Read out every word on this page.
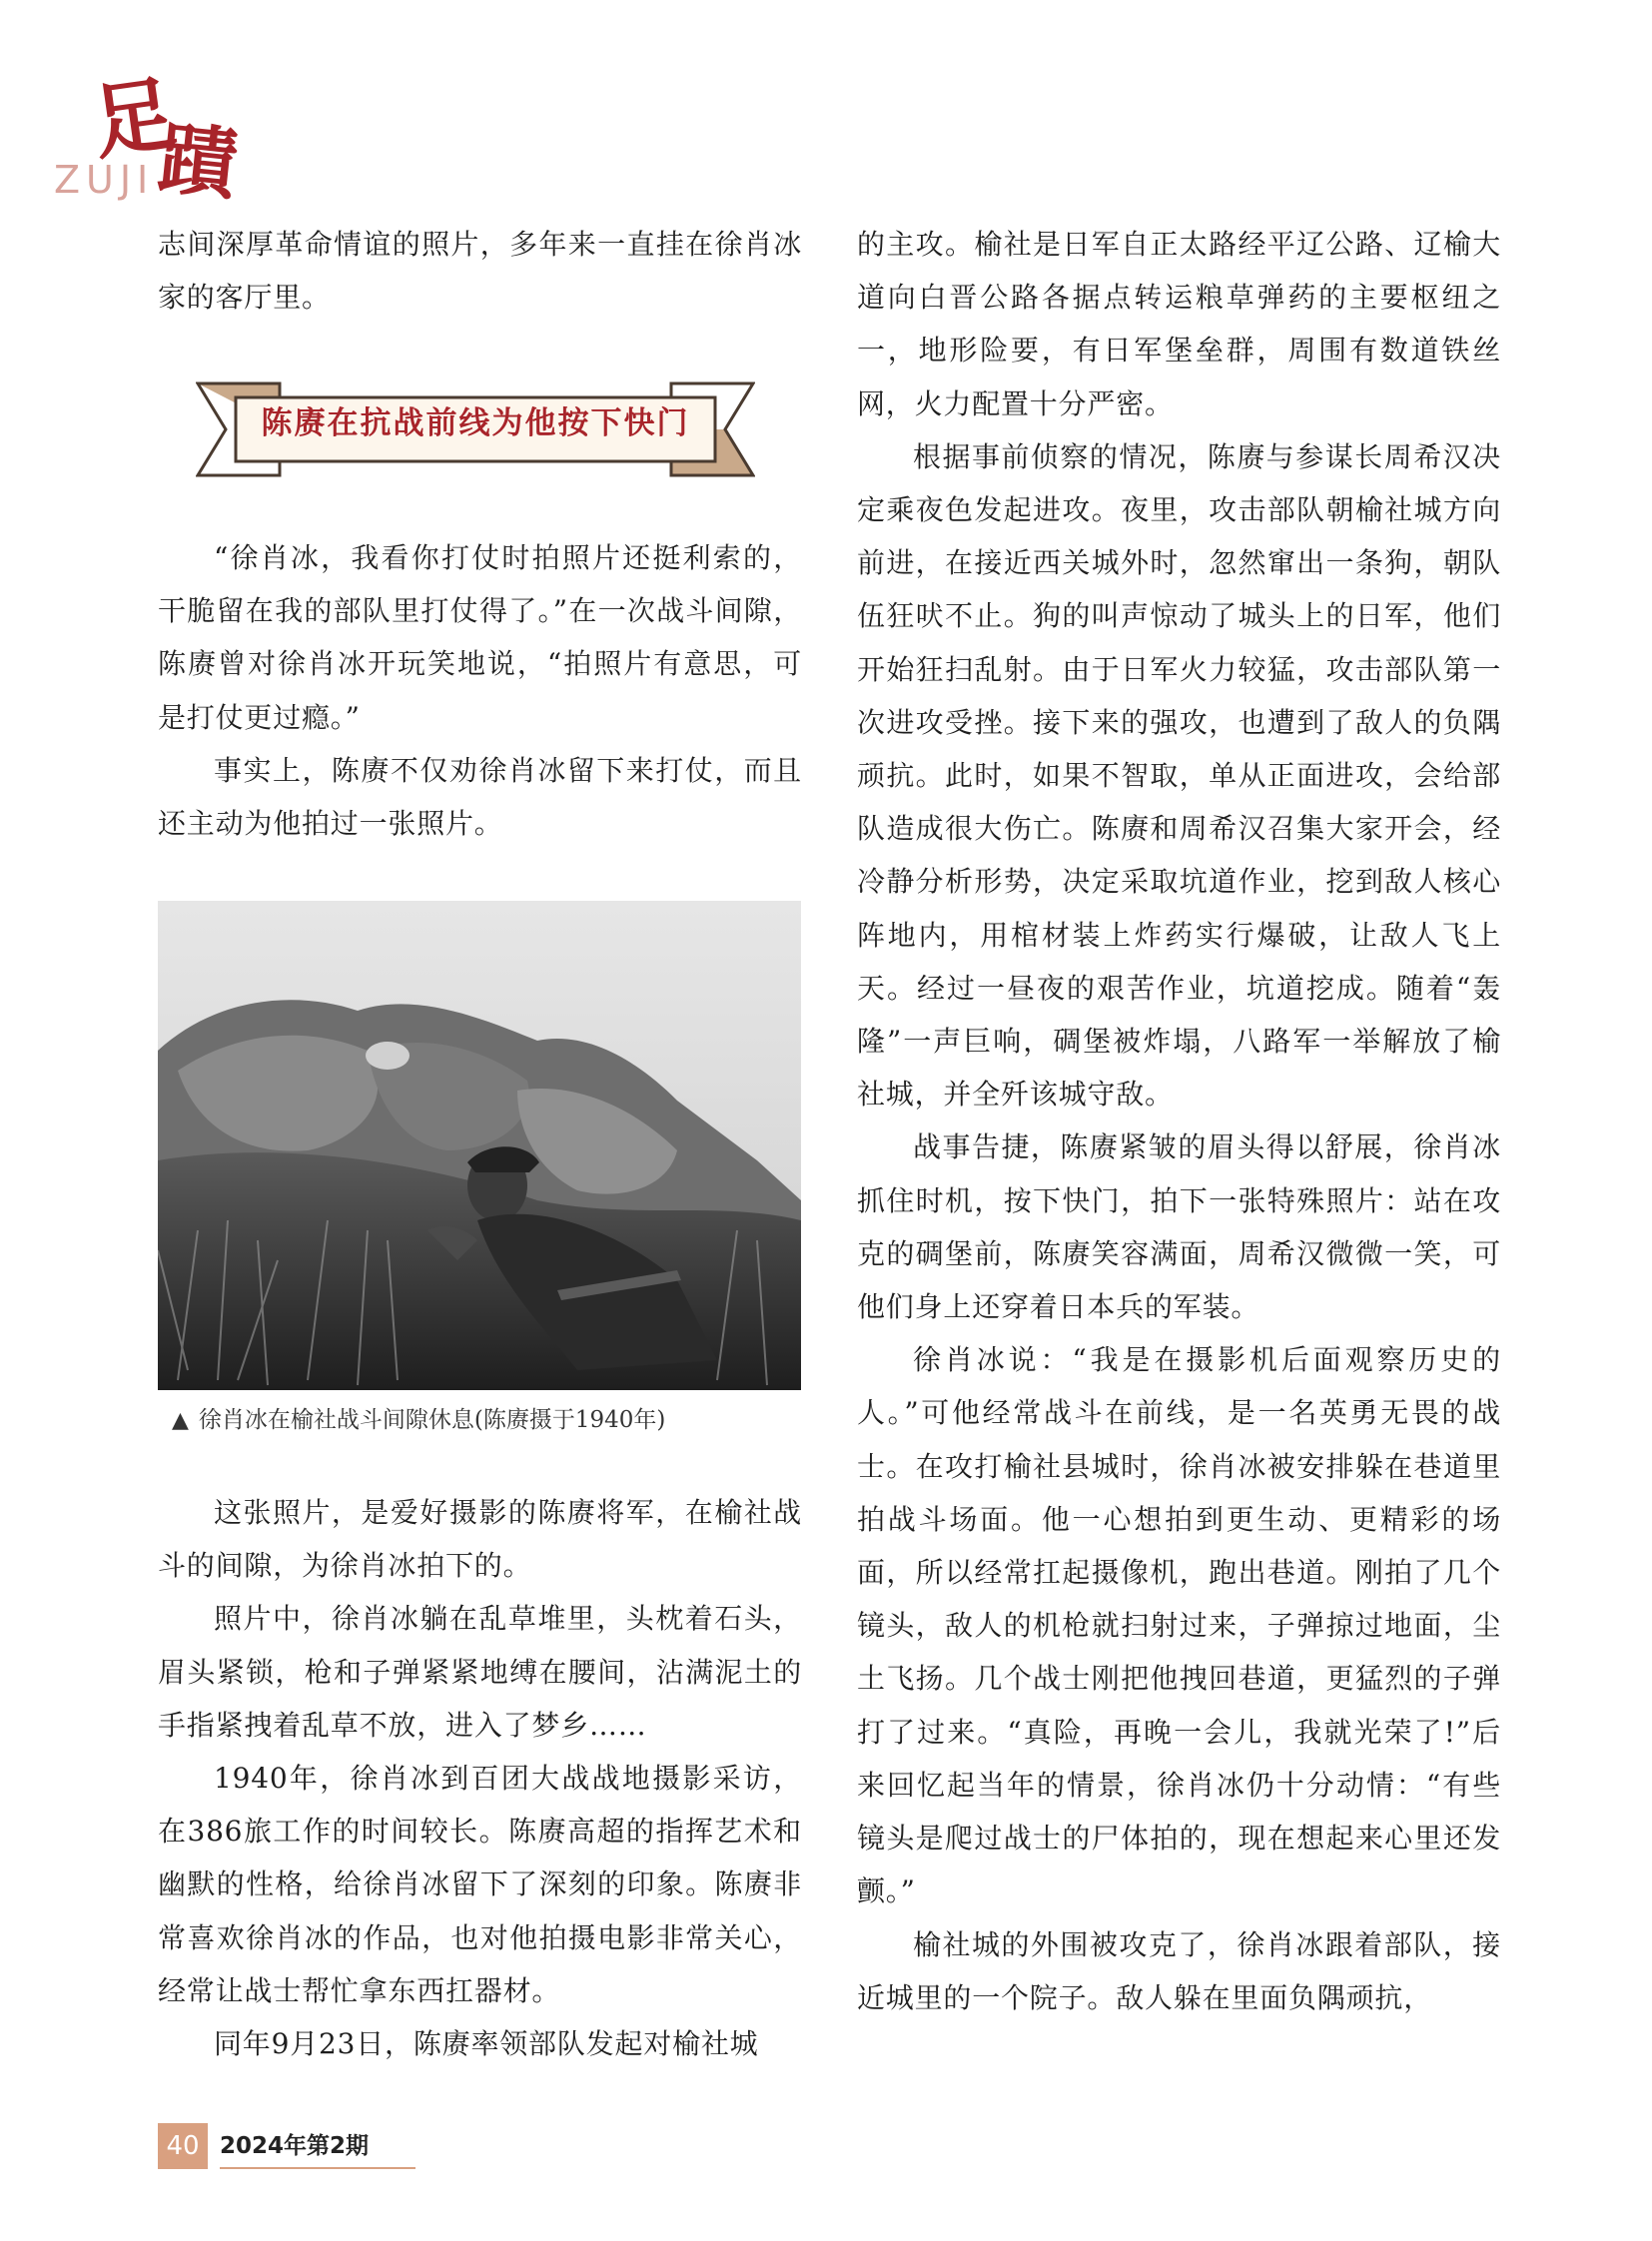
足
蹟
ZUJI

志间深厚革命情谊的照片，多年来一直挂在徐肖冰家的客厅里。

陈赓在抗战前线为他按下快门

“徐肖冰，我看你打仗时拍照片还挺利索的，干脆留在我的部队里打仗得了。”在一次战斗间隙，陈赓曾对徐肖冰开玩笑地说，“拍照片有意思，可是打仗更过瘾。”

事实上，陈赓不仅劝徐肖冰留下来打仗，而且还主动为他拍过一张照片。

▲ 徐肖冰在榆社战斗间隙休息(陈赓摄于1940年)

这张照片，是爱好摄影的陈赓将军，在榆社战斗的间隙，为徐肖冰拍下的。

照片中，徐肖冰躺在乱草堆里，头枕着石头，眉头紧锁，枪和子弹紧紧地缚在腰间，沾满泥土的手指紧拽着乱草不放，进入了梦乡……

1940年，徐肖冰到百团大战战地摄影采访，在386旅工作的时间较长。陈赓高超的指挥艺术和幽默的性格，给徐肖冰留下了深刻的印象。陈赓非常喜欢徐肖冰的作品，也对他拍摄电影非常关心，经常让战士帮忙拿东西扛器材。

同年9月23日，陈赓率领部队发起对榆社城

的主攻。榆社是日军自正太路经平辽公路、辽榆大道向白晋公路各据点转运粮草弹药的主要枢纽之一，地形险要，有日军堡垒群，周围有数道铁丝网，火力配置十分严密。

根据事前侦察的情况，陈赓与参谋长周希汉决定乘夜色发起进攻。夜里，攻击部队朝榆社城方向前进，在接近西关城外时，忽然窜出一条狗，朝队伍狂吠不止。狗的叫声惊动了城头上的日军，他们开始狂扫乱射。由于日军火力较猛，攻击部队第一次进攻受挫。接下来的强攻，也遭到了敌人的负隅顽抗。此时，如果不智取，单从正面进攻，会给部队造成很大伤亡。陈赓和周希汉召集大家开会，经冷静分析形势，决定采取坑道作业，挖到敌人核心阵地内，用棺材装上炸药实行爆破，让敌人飞上天。经过一昼夜的艰苦作业，坑道挖成。随着“轰隆”一声巨响，碉堡被炸塌，八路军一举解放了榆社城，并全歼该城守敌。

战事告捷，陈赓紧皱的眉头得以舒展，徐肖冰抓住时机，按下快门，拍下一张特殊照片：站在攻克的碉堡前，陈赓笑容满面，周希汉微微一笑，可他们身上还穿着日本兵的军装。

徐肖冰说：“我是在摄影机后面观察历史的人。”可他经常战斗在前线，是一名英勇无畏的战士。在攻打榆社县城时，徐肖冰被安排躲在巷道里拍战斗场面。他一心想拍到更生动、更精彩的场面，所以经常扛起摄像机，跑出巷道。刚拍了几个镜头，敌人的机枪就扫射过来，子弹掠过地面，尘土飞扬。几个战士刚把他拽回巷道，更猛烈的子弹打了过来。“真险，再晚一会儿，我就光荣了!”后来回忆起当年的情景，徐肖冰仍十分动情：“有些镜头是爬过战士的尸体拍的，现在想起来心里还发颤。”

榆社城的外围被攻克了，徐肖冰跟着部队，接近城里的一个院子。敌人躲在里面负隅顽抗，

40 2024年第2期
